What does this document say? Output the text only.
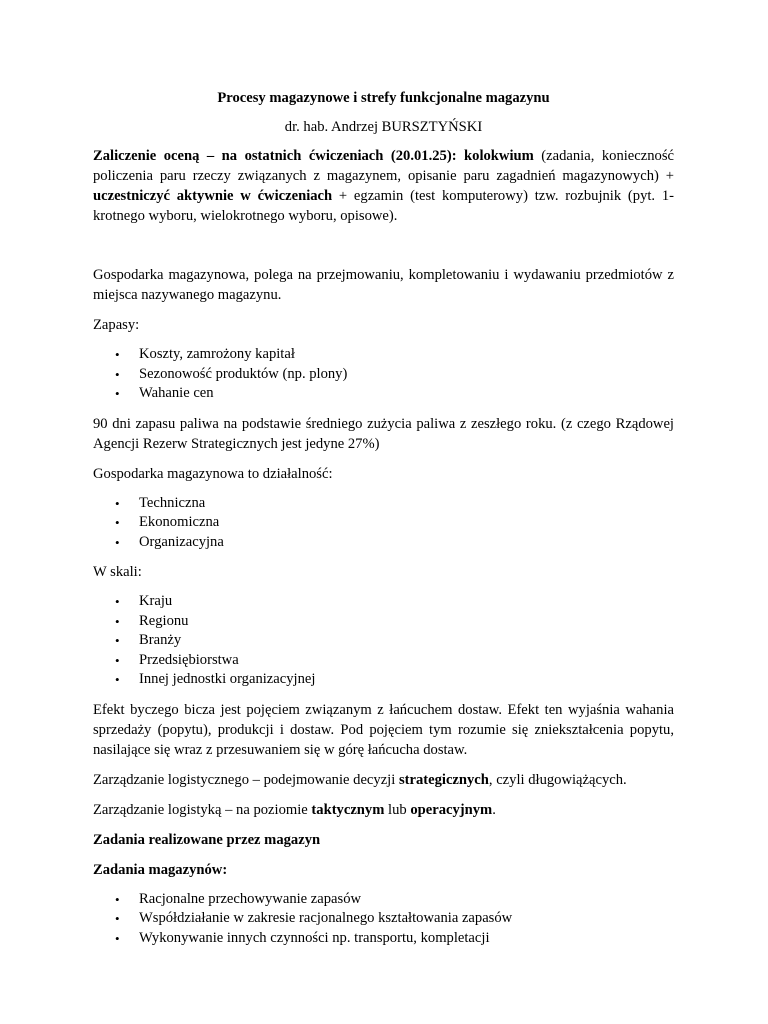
Procesy magazynowe i strefy funkcjonalne magazynu
dr. hab. Andrzej BURSZTYŃSKI

Zaliczenie oceną – na ostatnich ćwiczeniach (20.01.25): kolokwium (zadania, konieczność policzenia paru rzeczy związanych z magazynem, opisanie paru zagadnień magazynowych) + uczestniczyć aktywnie w ćwiczeniach + egzamin (test komputerowy) tzw. rozbujnik (pyt. 1-krotnego wyboru, wielokrotnego wyboru, opisowe).

Gospodarka magazynowa, polega na przejmowaniu, kompletowaniu i wydawaniu przedmiotów z miejsca nazywanego magazynu.

Zapasy:

• Koszty, zamrożony kapitał
• Sezonowość produktów (np. plony)
• Wahanie cen

90 dni zapasu paliwa na podstawie średniego zużycia paliwa z zeszłego roku. (z czego Rządowej Agencji Rezerw Strategicznych jest jedyne 27%)

Gospodarka magazynowa to działalność:

• Techniczna
• Ekonomiczna
• Organizacyjna

W skali:

• Kraju
• Regionu
• Branży
• Przedsiębiorstwa
• Innej jednostki organizacyjnej

Efekt byczego bicza jest pojęciem związanym z łańcuchem dostaw. Efekt ten wyjaśnia wahania sprzedaży (popytu), produkcji i dostaw. Pod pojęciem tym rozumie się zniekształcenia popytu, nasilające się wraz z przesuwaniem się w górę łańcucha dostaw.

Zarządzanie logistycznego – podejmowanie decyzji strategicznych, czyli długowiążących.

Zarządzanie logistyką – na poziomie taktycznym lub operacyjnym.

Zadania realizowane przez magazyn

Zadania magazynów:

• Racjonalne przechowywanie zapasów
• Współdziałanie w zakresie racjonalnego kształtowania zapasów
• Wykonywanie innych czynności np. transportu, kompletacji
